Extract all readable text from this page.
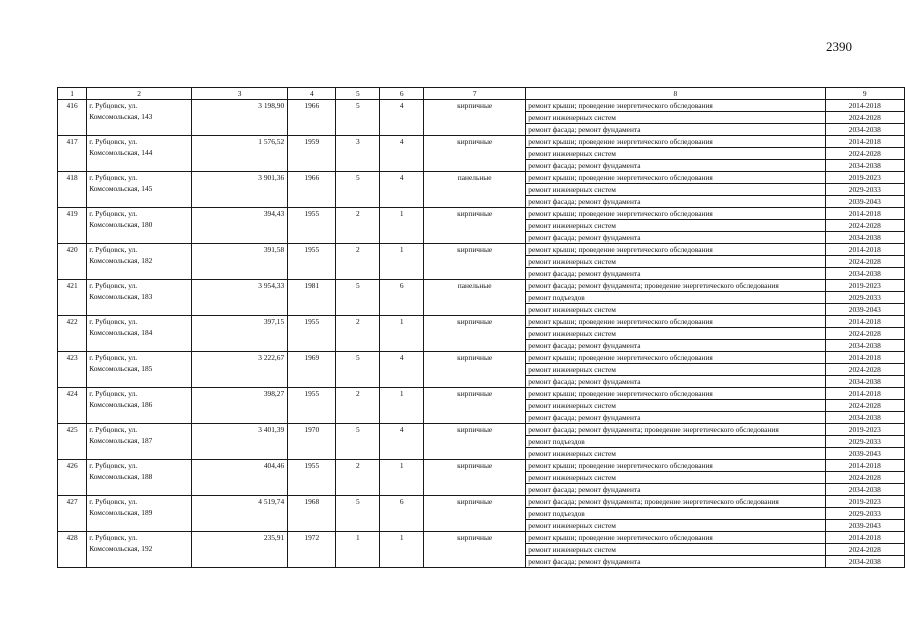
2390
1	2	3	4	5	6	7	8	9
416	г. Рубцовск, ул. Комсомольская, 143	3 198,90	1966	5	4	кирпичные	ремонт крыши; проведение энергетического обследования	2014-2018
							ремонт инженерных систем	2024-2028
							ремонт фасада; ремонт фундамента	2034-2038
417	г. Рубцовск, ул. Комсомольская, 144	1 576,52	1959	3	4	кирпичные	ремонт крыши; проведение энергетического обследования	2014-2018
							ремонт инженерных систем	2024-2028
							ремонт фасада; ремонт фундамента	2034-2038
418	г. Рубцовск, ул. Комсомольская, 145	3 901,36	1966	5	4	панельные	ремонт крыши; проведение энергетического обследования	2019-2023
							ремонт инженерных систем	2029-2033
							ремонт фасада; ремонт фундамента	2039-2043
419	г. Рубцовск, ул. Комсомольская, 180	394,43	1955	2	1	кирпичные	ремонт крыши; проведение энергетического обследования	2014-2018
							ремонт инженерных систем	2024-2028
							ремонт фасада; ремонт фундамента	2034-2038
420	г. Рубцовск, ул. Комсомольская, 182	391,58	1955	2	1	кирпичные	ремонт крыши; проведение энергетического обследования	2014-2018
							ремонт инженерных систем	2024-2028
							ремонт фасада; ремонт фундамента	2034-2038
421	г. Рубцовск, ул. Комсомольская, 183	3 954,33	1981	5	6	панельные	ремонт фасада; ремонт фундамента; проведение энергетического обследования	2019-2023
							ремонт подъездов	2029-2033
							ремонт инженерных систем	2039-2043
422	г. Рубцовск, ул. Комсомольская, 184	397,15	1955	2	1	кирпичные	ремонт крыши; проведение энергетического обследования	2014-2018
							ремонт инженерных систем	2024-2028
							ремонт фасада; ремонт фундамента	2034-2038
423	г. Рубцовск, ул. Комсомольская, 185	3 222,67	1969	5	4	кирпичные	ремонт крыши; проведение энергетического обследования	2014-2018
							ремонт инженерных систем	2024-2028
							ремонт фасада; ремонт фундамента	2034-2038
424	г. Рубцовск, ул. Комсомольская, 186	398,27	1955	2	1	кирпичные	ремонт крыши; проведение энергетического обследования	2014-2018
							ремонт инженерных систем	2024-2028
							ремонт фасада; ремонт фундамента	2034-2038
425	г. Рубцовск, ул. Комсомольская, 187	3 401,39	1970	5	4	кирпичные	ремонт фасада; ремонт фундамента; проведение энергетического обследования	2019-2023
							ремонт подъездов	2029-2033
							ремонт инженерных систем	2039-2043
426	г. Рубцовск, ул. Комсомольская, 188	404,46	1955	2	1	кирпичные	ремонт крыши; проведение энергетического обследования	2014-2018
							ремонт инженерных систем	2024-2028
							ремонт фасада; ремонт фундамента	2034-2038
427	г. Рубцовск, ул. Комсомольская, 189	4 519,74	1968	5	6	кирпичные	ремонт фасада; ремонт фундамента; проведение энергетического обследования	2019-2023
							ремонт подъездов	2029-2033
							ремонт инженерных систем	2039-2043
428	г. Рубцовск, ул. Комсомольская, 192	235,91	1972	1	1	кирпичные	ремонт крыши; проведение энергетического обследования	2014-2018
							ремонт инженерных систем	2024-2028
							ремонт фасада; ремонт фундамента	2034-2038
